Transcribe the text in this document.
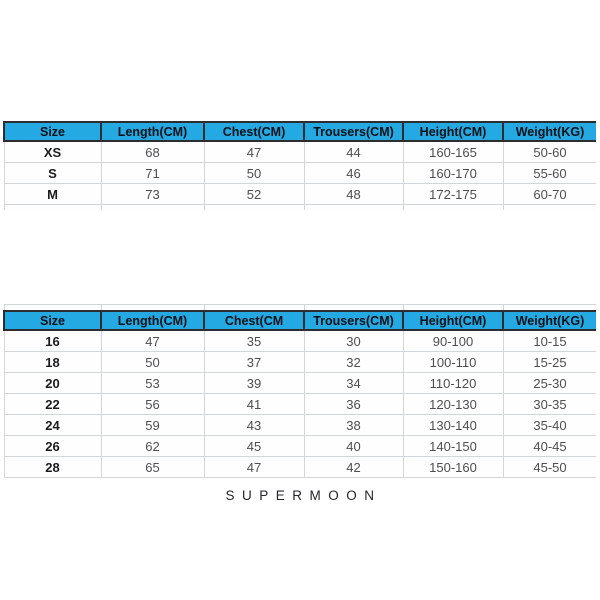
Size	Length(CM)	Chest(CM)	Trousers(CM)	Height(CM)	Weight(KG)
XS	68	47	44	160-165	50-60
S	71	50	46	160-170	55-60
M	73	52	48	172-175	60-70

SUPERMOON

Size	Length(CM)	Chest(CM	Trousers(CM)	Height(CM)	Weight(KG)
16	47	35	30	90-100	10-15
18	50	37	32	100-110	15-25
20	53	39	34	110-120	25-30
22	56	41	36	120-130	30-35
24	59	43	38	130-140	35-40
26	62	45	40	140-150	40-45
28	65	47	42	150-160	45-50
